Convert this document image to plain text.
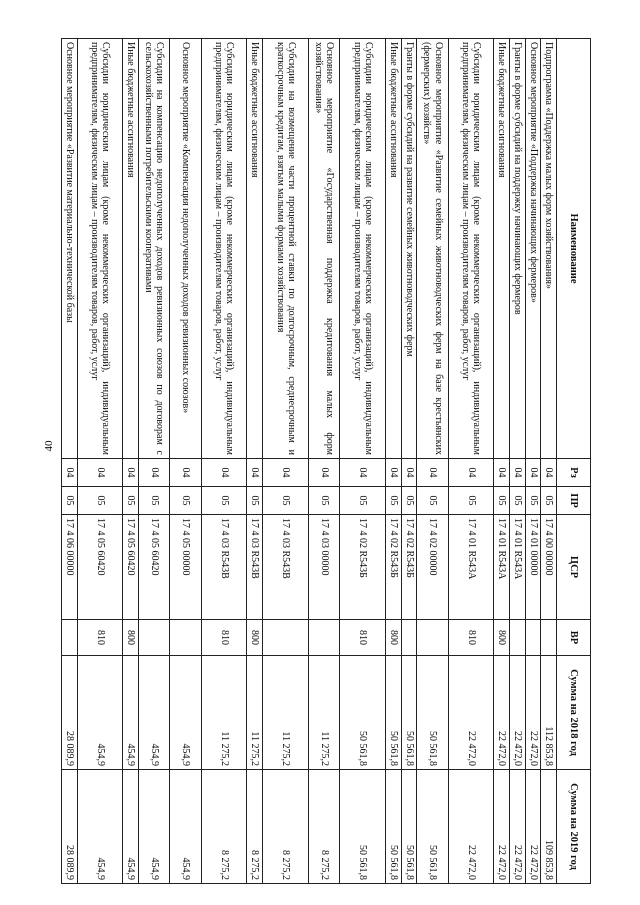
40
Наименование	Рз	ПР	ЦСР	ВР	Сумма на 2018 год	Сумма на 2019 год
Подпрограмма «Поддержка малых форм хозяйствования»	04	05	17 4 00 00000		112 853,8	109 853,8
Основное мероприятие «Поддержка начинающих фермеров»	04	05	17 4 01 00000		22 472,0	22 472,0
Гранты в форме субсидий на поддержку начинающих фермеров	04	05	17 4 01 R543А		22 472,0	22 472,0
Иные бюджетные ассигнования	04	05	17 4 01 R543А	800	22 472,0	22 472,0
Субсидии юридическим лицам (кроме некоммерческих организаций), индивидуальным предпринимателям, физическим лицам – производителям товаров, работ, услуг	04	05	17 4 01 R543А	810	22 472,0	22 472,0
Основное мероприятие «Развитие семейных животноводческих ферм на базе крестьянских (фермерских) хозяйств»	04	05	17 4 02 00000		50 561,8	50 561,8
Гранты в форме субсидий на развитие семейных животноводческих ферм	04	05	17 4 02 R543Б		50 561,8	50 561,8
Иные бюджетные ассигнования	04	05	17 4 02 R543Б	800	50 561,8	50 561,8
Субсидии юридическим лицам (кроме некоммерческих организаций), индивидуальным предпринимателям, физическим лицам – производителям товаров, работ, услуг	04	05	17 4 02 R543Б	810	50 561,8	50 561,8
Основное мероприятие «Государственная поддержка кредитования малых форм хозяйствования»	04	05	17 4 03 00000		11 275,2	8 275,2
Субсидии на возмещение части процентной ставки по долгосрочным, среднесрочным и краткосрочным кредитам, взятым малыми формами хозяйствования	04	05	17 4 03 R543В		11 275,2	8 275,2
Иные бюджетные ассигнования	04	05	17 4 03 R543В	800	11 275,2	8 275,2
Субсидии юридическим лицам (кроме некоммерческих организаций), индивидуальным предпринимателям, физическим лицам – производителям товаров, работ, услуг	04	05	17 4 03 R543В	810	11 275,2	8 275,2
Основное мероприятие «Компенсация недополученных доходов ревизионных союзов»	04	05	17 4 05 00000		454,9	454,9
Субсидии на компенсацию недополученных доходов ревизионных союзов по договорам с сельскохозяйственными потребительскими кооперативами	04	05	17 4 05 60420		454,9	454,9
Иные бюджетные ассигнования	04	05	17 4 05 60420	800	454,9	454,9
Субсидии юридическим лицам (кроме некоммерческих организаций), индивидуальным предпринимателям, физическим лицам – производителям товаров, работ, услуг	04	05	17 4 05 60420	810	454,9	454,9
Основное мероприятие «Развитие материально-технической базы	04	05	17 4 06 00000		28 089,9	28 089,9
